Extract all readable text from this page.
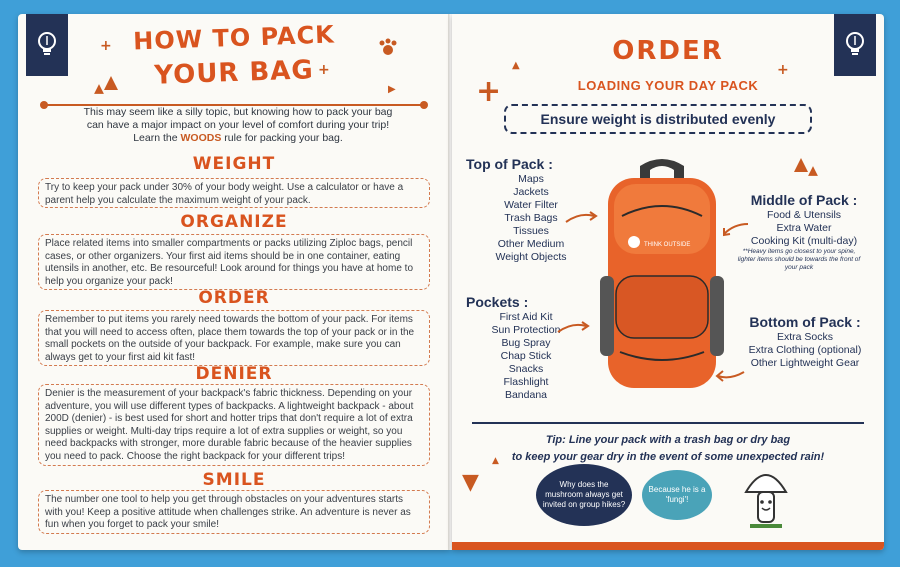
HOW TO PACK
YOUR BAG
+
+
▶
This may seem like a silly topic, but knowing how to pack your bag
can have a major impact on your level of comfort during your trip!
Learn the WOODS rule for packing your bag.
WEIGHT
Try to keep your pack under 30% of your body weight. Use a calculator or have a parent help you calculate the maximum weight of your pack.
ORGANIZE
Place related items into smaller compartments or packs utilizing Ziploc bags, pencil cases, or other organizers. Your first aid items should be in one container, eating utensils in another, etc. Be resourceful! Look around for things you have at home to help you organize your pack!
ORDER
Remember to put items you rarely need towards the bottom of your pack. For items that you will need to access often, place them towards the top of your pack or in the small pockets on the outside of your backpack. For example, make sure you can always get to your first aid kit fast!
DENIER
Denier is the measurement of your backpack's fabric thickness. Depending on your adventure, you will use different types of backpacks. A lightweight backpack - about 200D (denier) - is best used for short and hotter trips that don't require a lot of extra supplies or weight. Multi-day trips require a lot of extra supplies or weight, so you need backpacks with stronger, more durable fabric because of the heavier supplies you need to pack. Choose the right backpack for your different trips!
SMILE
The number one tool to help you get through obstacles on your adventures starts with you! Keep a positive attitude when challenges strike. An adventure is never as fun when you forget to pack your smile!
ORDER
LOADING YOUR DAY PACK
+
▲	+
Ensure weight is distributed evenly
Top of Pack :
Maps
Jackets
Water Filter
Trash Bags
Tissues
Other Medium
Weight Objects
Middle of Pack :
Food & Utensils
Extra Water
Cooking Kit (multi-day)
**Heavy items go closest to your spine, lighter items should be towards the front of your pack
Pockets :
First Aid Kit
Sun Protection
Bug Spray
Chap Stick
Snacks
Flashlight
Bandana
Bottom of Pack :
Extra Socks
Extra Clothing (optional)
Other Lightweight Gear
THINK OUTSIDE
Tip: Line your pack with a trash bag or dry bag
to keep your gear dry in the event of some unexpected rain!
▼
▲
Why does the mushroom always get invited on group hikes?
Because he is a 'fungi'!
